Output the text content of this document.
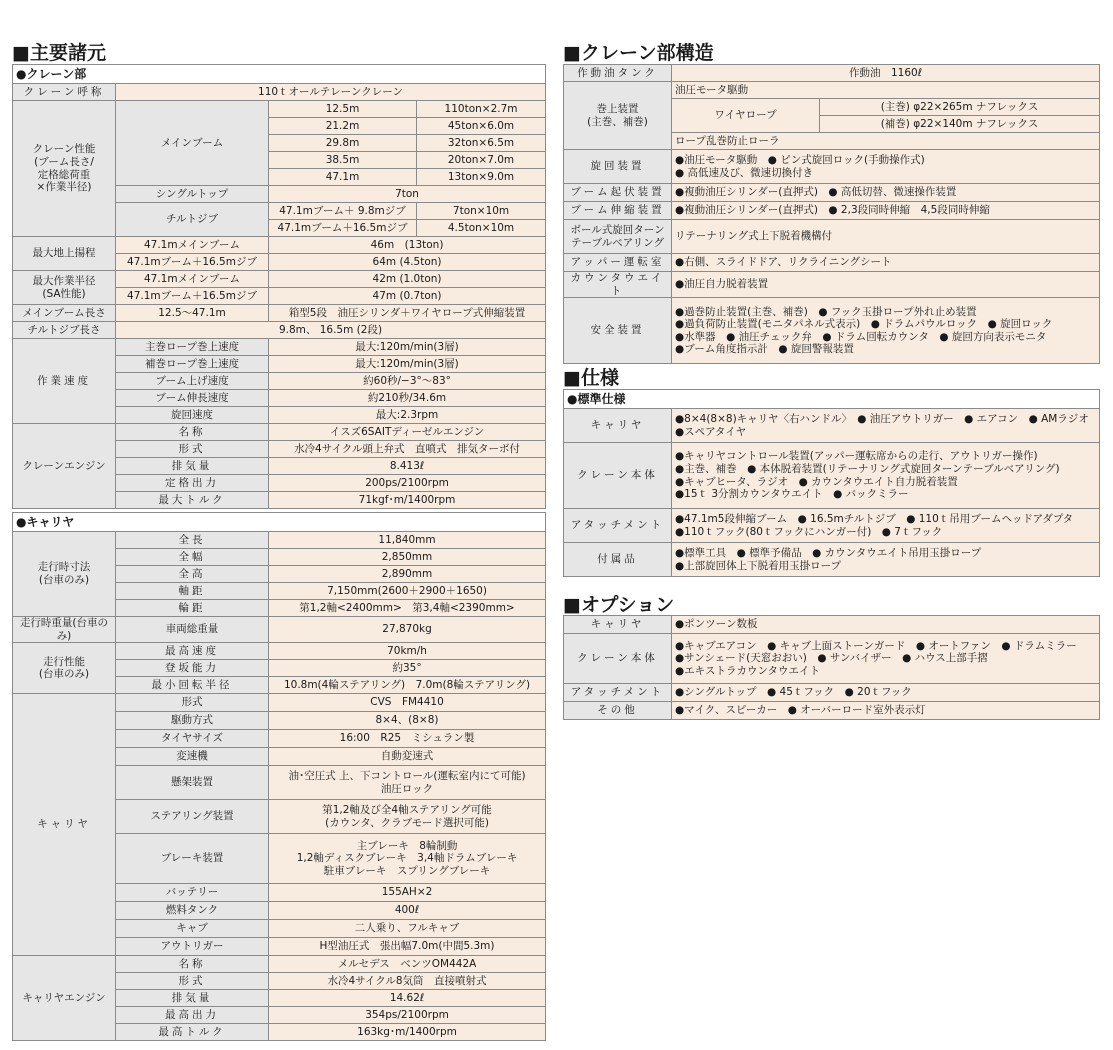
■主要諸元	■クレーン部構造
■仕様
■オプション
●クレーン部			
クレーン呼称	110ｔオールテレーンクレーン		

クレーン性能
(ブーム長さ/
定格総荷重
×作業半径)	メインブーム	12.5m	110ton×2.7m
		21.2m	45ton×6.0m
		29.8m	32ton×6.5m
		38.5m	20ton×7.0m
		47.1m	13ton×9.0m
	シングルトップ	7ton	
	チルトジブ	47.1mブーム＋ 9.8mジブ	7ton×10m
		47.1mブーム＋16.5mジブ	4.5ton×10m
最大地上揚程	47.1mメインブーム	46m　(13ton)	
	47.1mブーム＋16.5mジブ	64m (4.5ton)	

最大作業半径
(SA性能)	47.1mメインブーム	42m (1.0ton)	
	47.1mブーム＋16.5mジブ	47m (0.7ton)	
メインブーム長さ	12.5〜47.1m	箱型5段　油圧シリンダ＋ワイヤロープ式伸縮装置	
チルトジブ長さ	9.8m、 16.5m (2段)		
作業速度	主巻ロープ巻上速度	最大:120m/min(3層)	
	補巻ロープ巻上速度	最大:120m/min(3層)	
	ブーム上げ速度	約60秒/−3°〜83°	
	ブーム伸長速度	約210秒/34.6m	
	旋回速度	最大:2.3rpm	
クレーンエンジン	名称	イスズ6SAITディーゼルエンジン	
	形式	水冷4サイクル頭上弁式　直噴式　排気ターボ付	
	排気量	8.413ℓ	
	定格出力	200ps/2100rpm	
	最大トルク	71kgf･m/1400rpm	
●キャリヤ		

走行時寸法
(台車のみ)	全長	11,840mm
	全幅	2,850mm
	全高	2,890mm
	軸距	7,150mm(2600＋2900＋1650)
	輪距	第1,2軸<2400mm>　第3,4軸<2390mm>
走行時重量(台車のみ)	車両総重量	27,870kg

走行性能
(台車のみ)	最高速度	70km/h
	登坂能力	約35°
	最小回転半径	10.8m(4輪ステアリング)　7.0m(8輪ステアリング)
キャリヤ	形式	CVS　FM4410

	駆動方式	8×4、(8×8)

	タイヤサイズ	16:00　R25　ミシュラン製

	変速機	自動変速式

	懸架装置	油･空圧式 上、下コントロール(運転室内にて可能)
油圧ロック

	ステアリング装置	第1,2軸及び全4軸ステアリング可能
(カウンタ、クラブモード選択可能)

	ブレーキ装置	主ブレーキ　8輪制動
1,2軸ディスクブレーキ　3,4軸ドラムブレーキ
駐車ブレーキ　スプリングブレーキ

	バッテリー	155AH×2

	燃料タンク	400ℓ

	キャブ	二人乗り、フルキャブ

	アウトリガー	H型油圧式　張出幅7.0m(中間5.3m)

キャリヤエンジン	名称	メルセデス　ベンツOM442A
	形式	水冷4サイクル8気筒　直接噴射式
	排気量	14.62ℓ
	最高出力	354ps/2100rpm
	最高トルク	163kg･m/1400rpm
作動油タンク	作動油　1160ℓ	

巻上装置
(主巻、補巻)	油圧モータ駆動	
	ワイヤロープ	(主巻) φ22×265m ナフレックス
		(補巻) φ22×140m ナフレックス
	ロープ乱巻防止ローラ	
旋回装置	●油圧モータ駆動　● ピン式旋回ロック(手動操作式)
● 高低速及び、微速切換付き	

ブーム起伏装置	●複動油圧シリンダー(直押式)　● 高低切替、微速操作装置	

ブーム伸縮装置	●複動油圧シリンダー(直押式)　● 2,3段同時伸縮　4,5段同時伸縮	

ボール式旋回ターンテーブルベアリング	リテーナリング式上下脱着機構付	

アッパー運転室	●右側、スライドドア、リクライニングシート	

カウンタウエイト	●油圧自力脱着装置	

安全装置	●過巻防止装置(主巻、補巻)　● フック玉掛ロープ外れ止め装置
●過負荷防止装置(モニタパネル式表示)　● ドラムパウルロック　● 旋回ロック
●水準器　● 油圧チェック弁　● ドラム回転カウンタ　● 旋回方向表示モニタ
●ブーム角度指示計　● 旋回警報装置	
●標準仕様	
キャリヤ	●8×4(8×8)キャリヤ〈右ハンドル〉　● 油圧アウトリガー　● エアコン　● AMラジオ
●スペアタイヤ

クレーン本体	●キャリヤコントロール装置(アッパー運転席からの走行、アウトリガー操作)
●主巻、補巻　● 本体脱着装置(リテーナリング式旋回ターンテーブルベアリング)
●キャブヒータ、ラジオ　● カウンタウエイト自力脱着装置
●15ｔ 3分割カウンタウエイト　● バックミラー

アタッチメント	●47.1m5段伸縮ブーム　● 16.5mチルトジブ　● 110ｔ吊用ブームヘッドアダプタ
●110ｔフック(80ｔフックにハンガー付)　● 7ｔフック

付属品	●標準工具　● 標準予備品　● カウンタウエイト吊用玉掛ロープ
●上部旋回体上下脱着用玉掛ロープ
キャリヤ	●ポンツーン数板

クレーン本体	●キャブエアコン　● キャブ上面ストーンガード　● オートファン　● ドラムミラー
●サンシェード(天窓おおい)　● サンバイザー　● ハウス上部手摺
●エキストラカウンタウエイト

アタッチメント	●シングルトップ　● 45ｔフック　● 20ｔフック

その他	●マイク、スピーカー　● オーバーロード室外表示灯
